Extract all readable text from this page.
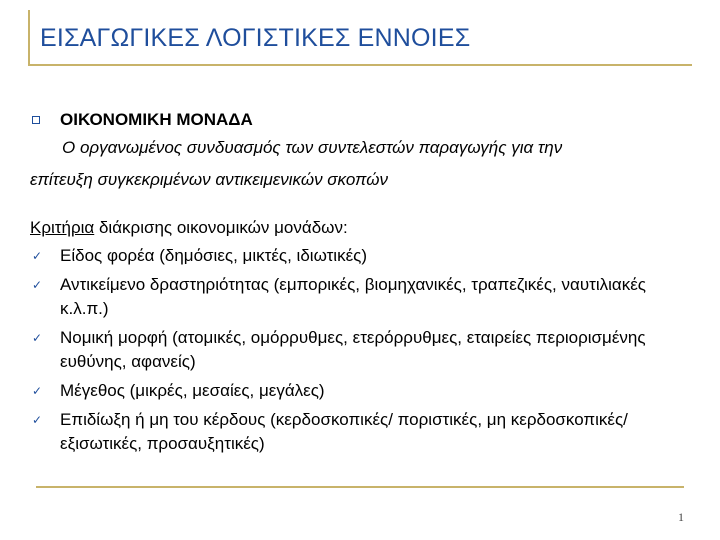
ΕΙΣΑΓΩΓΙΚΕΣ ΛΟΓΙΣΤΙΚΕΣ ΕΝΝΟΙΕΣ
ΟΙΚΟΝΟΜΙΚΗ ΜΟΝΑΔΑ
Ο οργανωμένος συνδυασμός των συντελεστών παραγωγής για την
επίτευξη συγκεκριμένων αντικειμενικών σκοπών
Κριτήρια διάκρισης οικονομικών μονάδων:
✓ Είδος φορέα (δημόσιες, μικτές, ιδιωτικές)
✓ Αντικείμενο δραστηριότητας (εμπορικές, βιομηχανικές, τραπεζικές, ναυτιλιακές κ.λ.π.)
✓ Νομική μορφή (ατομικές, ομόρρυθμες, ετερόρρυθμες, εταιρείες περιορισμένης ευθύνης, αφανείς)
✓ Μέγεθος (μικρές, μεσαίες, μεγάλες)
✓ Επιδίωξη ή μη του κέρδους (κερδοσκοπικές/ ποριστικές, μη κερδοσκοπικές/εξισωτικές, προσαυξητικές)
1
